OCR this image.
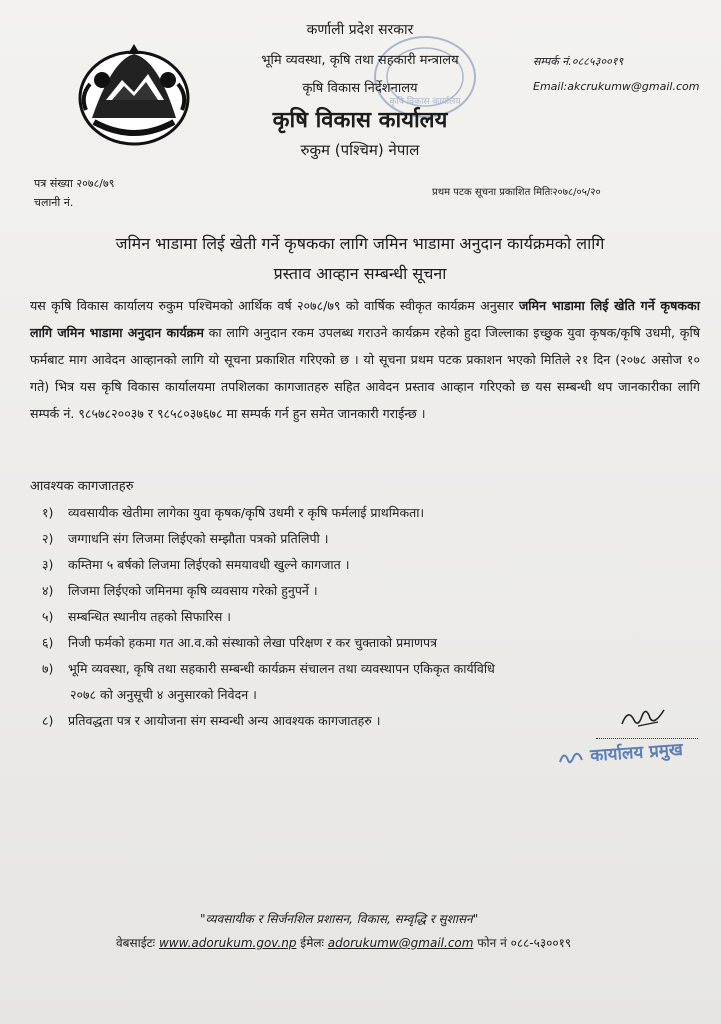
कृषि विकास कार्यालय
कर्णाली प्रदेश सरकार
भूमि व्यवस्था, कृषि तथा सहकारी मन्त्रालय
कृषि विकास निर्देशनालय
कृषि विकास कार्यालय
रुकुम (पश्चिम) नेपाल
सम्पर्क नं.०८८५३००१९
Email:akcrukumw@gmail.com
पत्र संख्या २०७८/७९
चलानी नं.
प्रथम पटक सूचना प्रकाशित मितिः२०७८/०५/२०
जमिन भाडामा लिई खेती गर्ने कृषकका लागि जमिन भाडामा अनुदान कार्यक्रमको लागि
प्रस्ताव आव्हान सम्बन्धी सूचना
यस कृषि विकास कार्यालय रुकुम पश्चिमको आर्थिक वर्ष २०७८/७९ को वार्षिक स्वीकृत कार्यक्रम अनुसार जमिन भाडामा लिई खेति गर्ने कृषकका लागि जमिन भाडामा अनुदान कार्यक्रम का लागि अनुदान रकम उपलब्ध गराउने कार्यक्रम रहेको हुदा जिल्लाका इच्छुक युवा कृषक/कृषि उधमी, कृषि फर्मबाट माग आवेदन आव्हानको लागि यो सूचना प्रकाशित गरिएको छ । यो सूचना प्रथम पटक प्रकाशन भएको मितिले २१ दिन (२०७८ असोज १० गते) भित्र यस कृषि विकास कार्यालयमा तपशिलका कागजातहरु सहित आवेदन प्रस्ताव आव्हान गरिएको छ यस सम्बन्धी थप जानकारीका लागि सम्पर्क नं. ९८५७८२००३७ र ९८५८०३७६७८ मा सम्पर्क गर्न हुन समेत जानकारी गराईन्छ ।
आवश्यक कागजातहरु
१) व्यवसायीक खेतीमा लागेका युवा कृषक/कृषि उधमी र कृषि फर्मलाई प्राथमिकता।
२) जग्गाधनि संग लिजमा लिईएको सम्झौता पत्रको प्रतिलिपी ।
३) कम्तिमा ५ बर्षको लिजमा लिईएको समयावधी खुल्ने कागजात ।
४) लिजमा लिईएको जमिनमा कृषि व्यवसाय गरेको हुनुपर्ने ।
५) सम्बन्धित स्थानीय तहको सिफारिस ।
६) निजी फर्मको हकमा गत आ.व.को संस्थाको लेखा परिक्षण र कर चुक्ताको प्रमाणपत्र
७) भूमि व्यवस्था, कृषि तथा सहकारी सम्बन्धी कार्यक्रम संचालन तथा व्यवस्थापन एकिकृत कार्यविधि
२०७८ को अनुसूची ४ अनुसारको निवेदन ।
८) प्रतिवद्धता पत्र र आयोजना संग सम्वन्धी अन्य आवश्यक कागजातहरु ।
कार्यालय प्रमुख
"व्यवसायीक र सिर्जनशिल प्रशासन, विकास, सम्वृद्धि र सुशासन"
वेबसाईटः www.adorukum.gov.np ईमेलः adorukumw@gmail.com फोन नं ०८८-५३००१९
